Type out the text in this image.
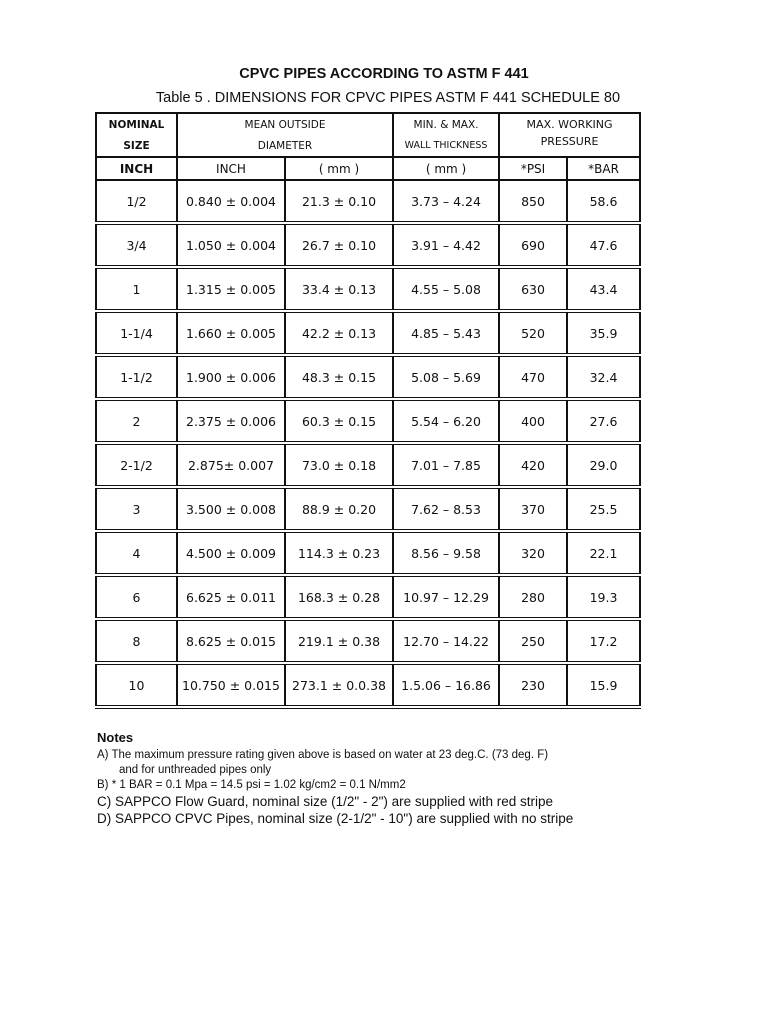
CPVC PIPES ACCORDING TO ASTM F 441
Table 5 . DIMENSIONS FOR CPVC PIPES ASTM F 441 SCHEDULE 80
NOMINAL	MEAN OUTSIDE		MIN. & MAX.	MAX. WORKING
PRESSURE	
SIZE	DIAMETER		WALL THICKNESS		
INCH	INCH	( mm )	( mm )	*PSI	*BAR
1/2	0.840 ± 0.004	21.3 ± 0.10	3.73 – 4.24	850	58.6
3/4	1.050 ± 0.004	26.7 ± 0.10	3.91 – 4.42	690	47.6
1	1.315 ± 0.005	33.4 ± 0.13	4.55 – 5.08	630	43.4
1-1/4	1.660 ± 0.005	42.2 ± 0.13	4.85 – 5.43	520	35.9
1-1/2	1.900 ± 0.006	48.3 ± 0.15	5.08 – 5.69	470	32.4
2	2.375 ± 0.006	60.3 ± 0.15	5.54 – 6.20	400	27.6
2-1/2	2.875± 0.007	73.0 ± 0.18	7.01 – 7.85	420	29.0
3	3.500 ± 0.008	88.9 ± 0.20	7.62 – 8.53	370	25.5
4	4.500 ± 0.009	114.3 ± 0.23	8.56 – 9.58	320	22.1
6	6.625 ± 0.011	168.3 ± 0.28	10.97 – 12.29	280	19.3
8	8.625 ± 0.015	219.1 ± 0.38	12.70 – 14.22	250	17.2
10	10.750 ± 0.015	273.1 ± 0.0.38	1.5.06 – 16.86	230	15.9
Notes
A) The maximum pressure rating given above is based on water at 23 deg.C. (73 deg. F)
and for unthreaded pipes only
B) * 1 BAR = 0.1 Mpa = 14.5 psi = 1.02 kg/cm2 = 0.1 N/mm2
C) SAPPCO Flow Guard, nominal size (1/2" - 2") are supplied with red stripe
D) SAPPCO CPVC Pipes, nominal size (2-1/2" - 10") are supplied with no stripe
